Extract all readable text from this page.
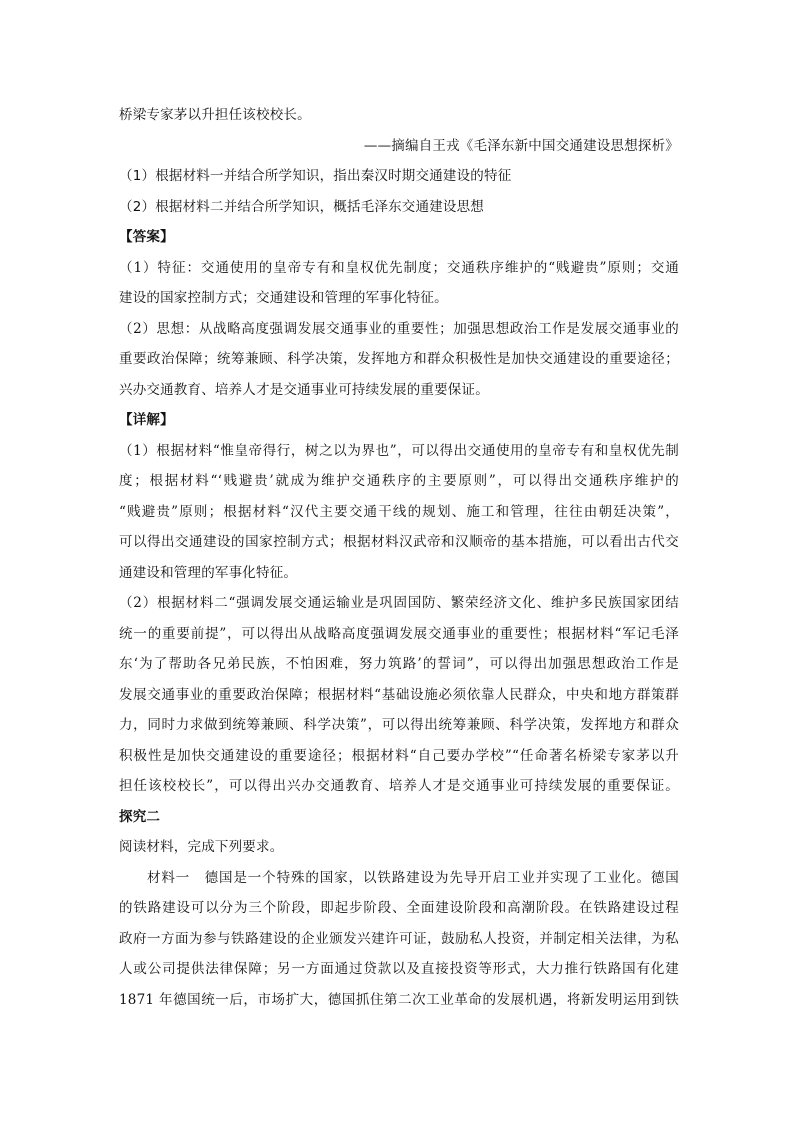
桥梁专家茅以升担任该校校长。
——摘编自王戎《毛泽东新中国交通建设思想探析》
（1）根据材料一并结合所学知识，指出秦汉时期交通建设的特征
（2）根据材料二并结合所学知识，概括毛泽东交通建设思想
【答案】
（1）特征：交通使用的皇帝专有和皇权优先制度；交通秩序维护的“贱避贵”原则；交通
建设的国家控制方式；交通建设和管理的军事化特征。
（2）思想：从战略高度强调发展交通事业的重要性；加强思想政治工作是发展交通事业的
重要政治保障；统筹兼顾、科学决策，发挥地方和群众积极性是加快交通建设的重要途径；
兴办交通教育、培养人才是交通事业可持续发展的重要保证。
【详解】
（1）根据材料“惟皇帝得行，树之以为界也”，可以得出交通使用的皇帝专有和皇权优先制
度；根据材料“‘贱避贵’就成为维护交通秩序的主要原则”，可以得出交通秩序维护的
“贱避贵”原则；根据材料“汉代主要交通干线的规划、施工和管理，往往由朝廷决策”，
可以得出交通建设的国家控制方式；根据材料汉武帝和汉顺帝的基本措施，可以看出古代交
通建设和管理的军事化特征。
（2）根据材料二“强调发展交通运输业是巩固国防、繁荣经济文化、维护多民族国家团结
统一的重要前提”，可以得出从战略高度强调发展交通事业的重要性；根据材料“军记毛泽
东‘为了帮助各兄弟民族，不怕困难，努力筑路’的誓词”，可以得出加强思想政治工作是
发展交通事业的重要政治保障；根据材料“基础设施必须依靠人民群众，中央和地方群策群
力，同时力求做到统筹兼顾、科学决策”，可以得出统筹兼顾、科学决策，发挥地方和群众
积极性是加快交通建设的重要途径；根据材料“自己要办学校”“任命著名桥梁专家茅以升
担任该校校长”，可以得出兴办交通教育、培养人才是交通事业可持续发展的重要保证。
探究二
阅读材料，完成下列要求。
材料一　德国是一个特殊的国家，以铁路建设为先导开启工业并实现了工业化。德国
的铁路建设可以分为三个阶段，即起步阶段、全面建设阶段和高潮阶段。在铁路建设过程
政府一方面为参与铁路建设的企业颁发兴建许可证，鼓励私人投资，并制定相关法律，为私
人或公司提供法律保障；另一方面通过贷款以及直接投资等形式，大力推行铁路国有化建
1871 年德国统一后，市场扩大，德国抓住第二次工业革命的发展机遇，将新发明运用到铁
